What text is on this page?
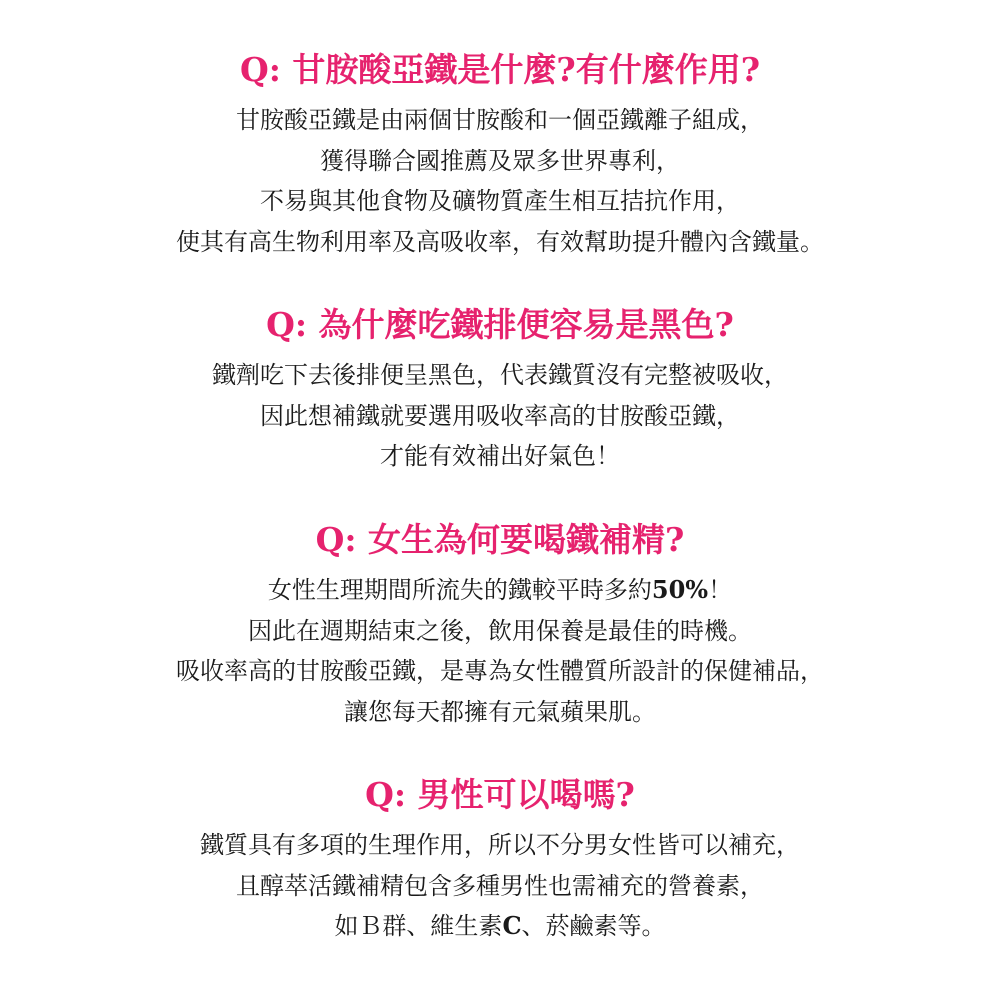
Q: 甘胺酸亞鐵是什麼?有什麼作用?
甘胺酸亞鐵是由兩個甘胺酸和一個亞鐵離子組成，
獲得聯合國推薦及眾多世界專利，
不易與其他食物及礦物質產生相互拮抗作用，
使其有高生物利用率及高吸收率，有效幫助提升體內含鐵量。
Q: 為什麼吃鐵排便容易是黑色?
鐵劑吃下去後排便呈黑色，代表鐵質沒有完整被吸收，
因此想補鐵就要選用吸收率高的甘胺酸亞鐵，
才能有效補出好氣色！
Q: 女生為何要喝鐵補精?
女性生理期間所流失的鐵較平時多約50%！
因此在週期結束之後，飲用保養是最佳的時機。
吸收率高的甘胺酸亞鐵，是專為女性體質所設計的保健補品，
讓您每天都擁有元氣蘋果肌。
Q: 男性可以喝嗎?
鐵質具有多項的生理作用，所以不分男女性皆可以補充，
且醇萃活鐵補精包含多種男性也需補充的營養素，
如Ｂ群、維生素C、菸鹼素等。
